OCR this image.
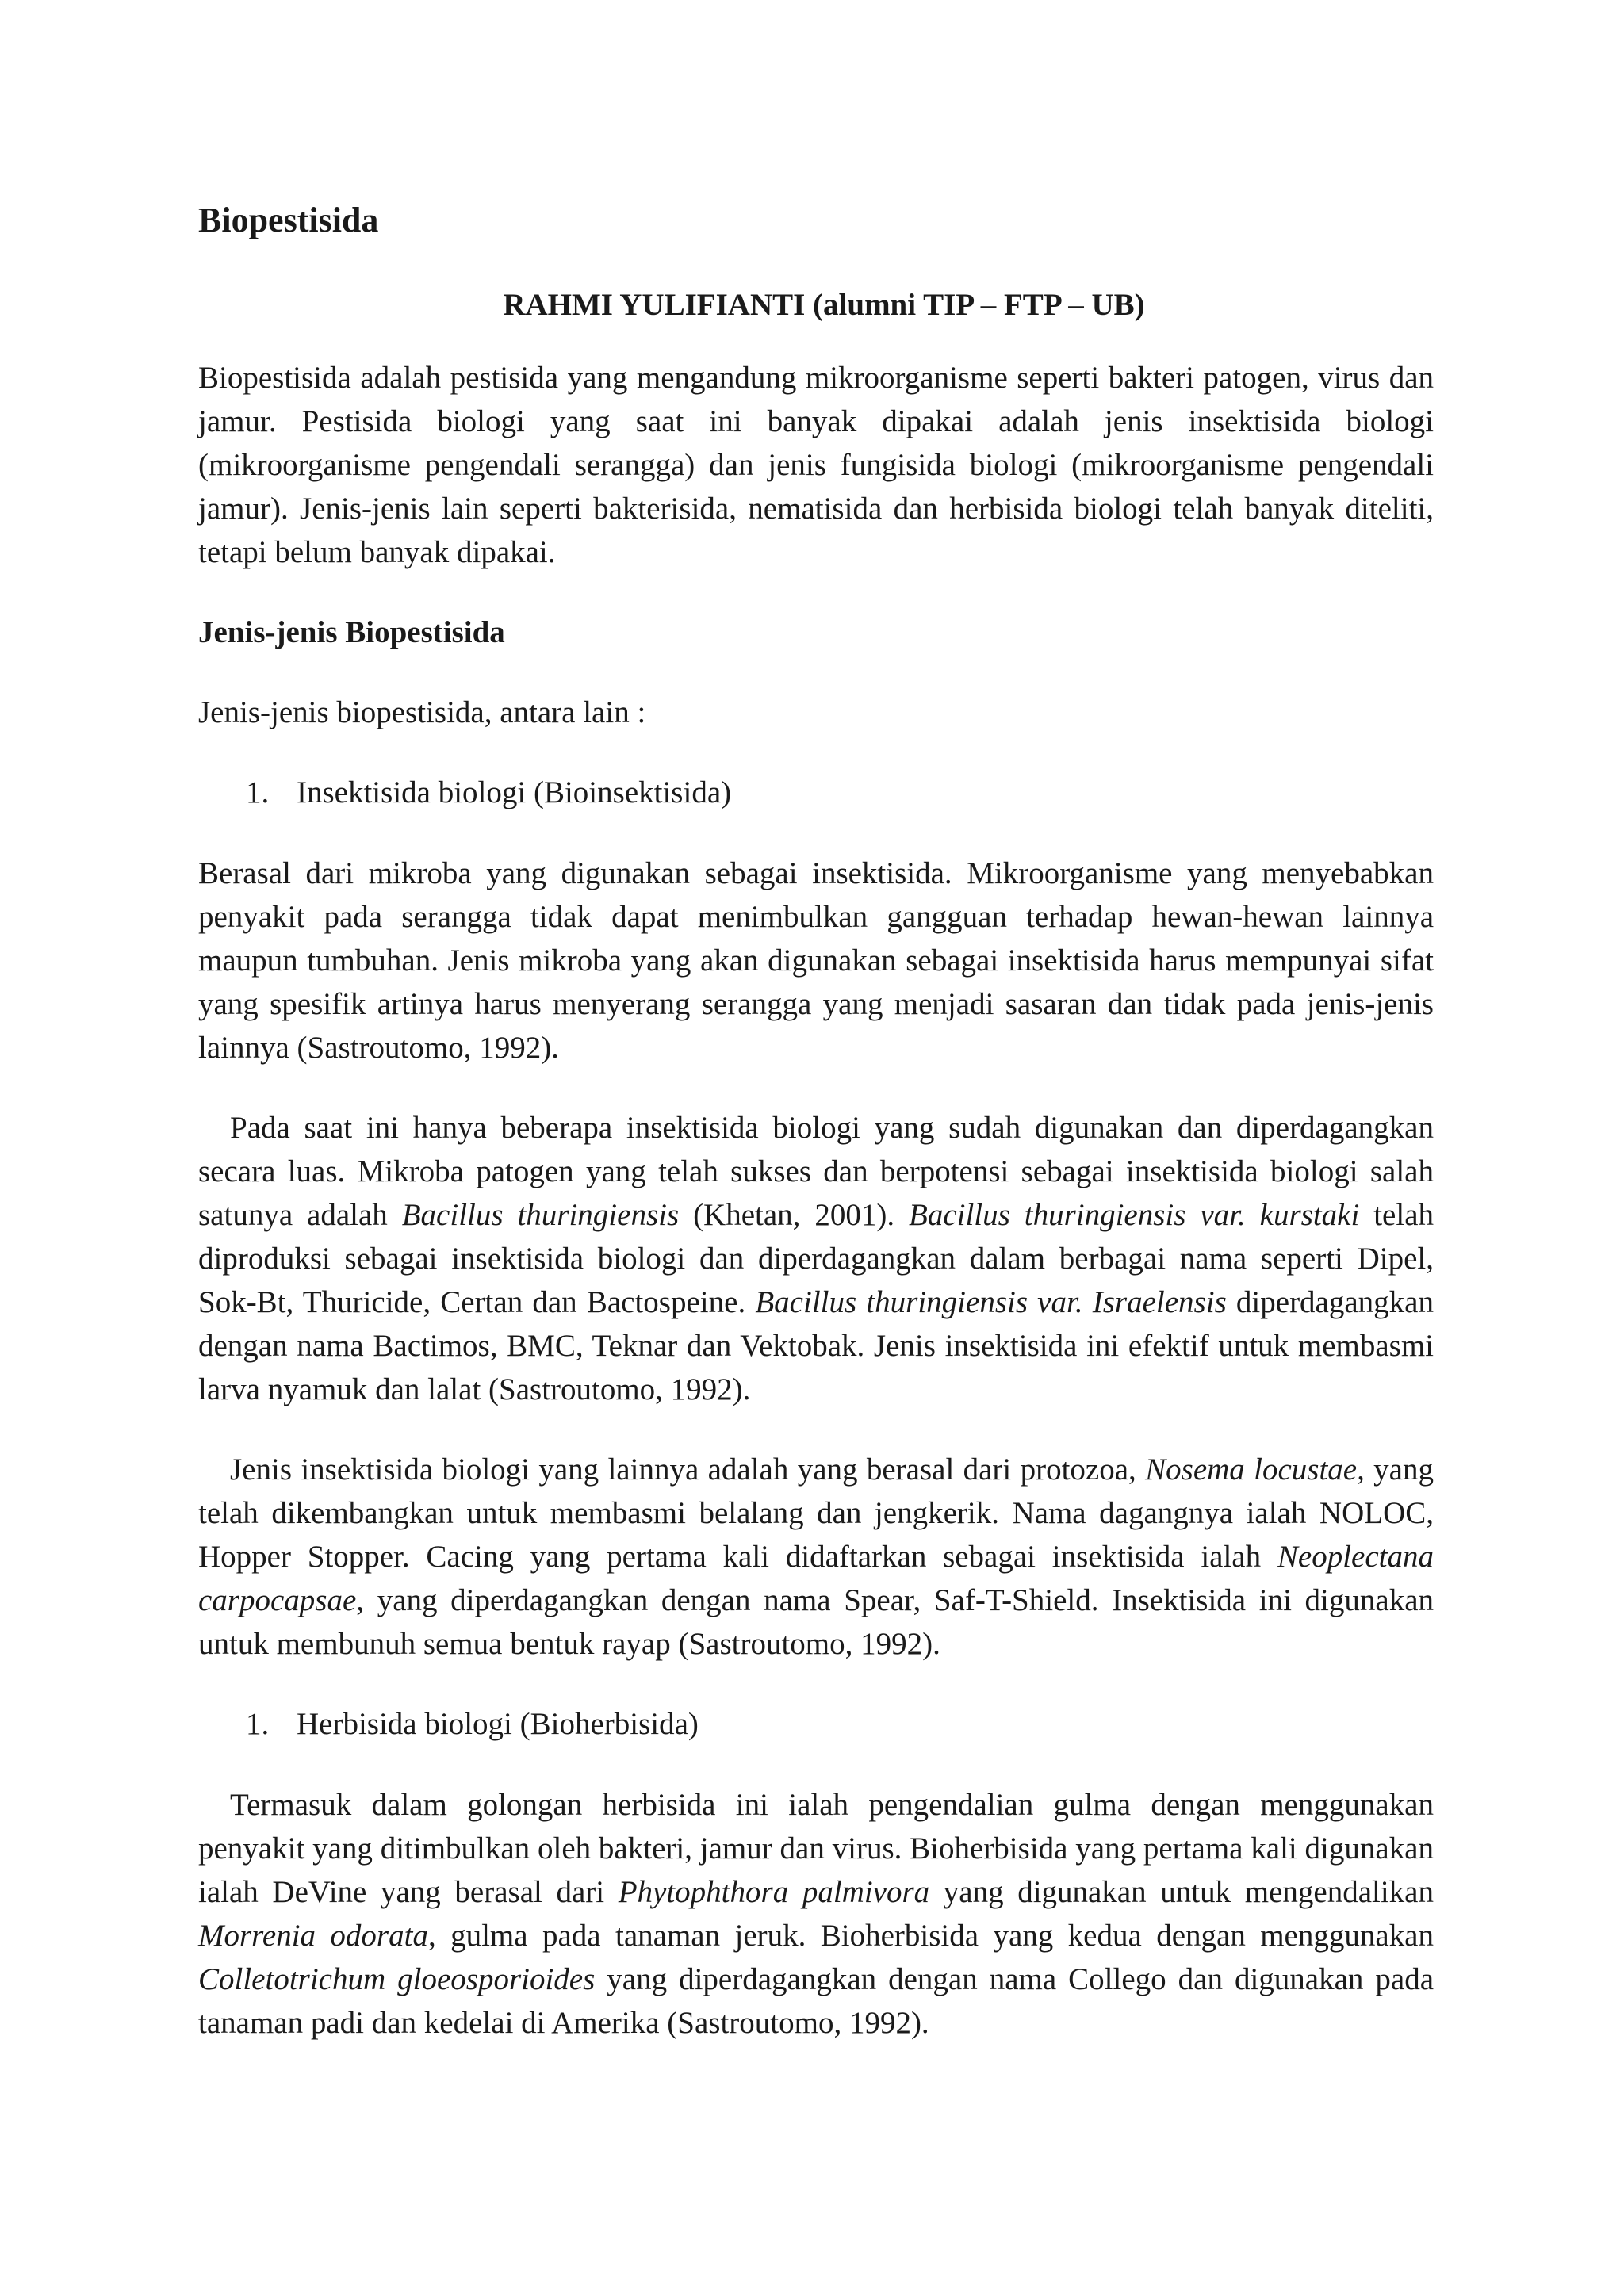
Biopestisida
RAHMI YULIFIANTI (alumni TIP – FTP – UB)

Biopestisida adalah pestisida yang mengandung mikroorganisme seperti bakteri patogen, virus dan jamur. Pestisida biologi yang saat ini banyak dipakai adalah jenis insektisida biologi (mikroorganisme pengendali serangga) dan jenis fungisida biologi (mikroorganisme pengendali jamur). Jenis-jenis lain seperti bakterisida, nematisida dan herbisida biologi telah banyak diteliti, tetapi belum banyak dipakai.

Jenis-jenis Biopestisida

Jenis-jenis biopestisida, antara lain :

1. Insektisida biologi (Bioinsektisida)

Berasal dari mikroba yang digunakan sebagai insektisida. Mikroorganisme yang menyebabkan penyakit pada serangga tidak dapat menimbulkan gangguan terhadap hewan-hewan lainnya maupun tumbuhan. Jenis mikroba yang akan digunakan sebagai insektisida harus mempunyai sifat yang spesifik artinya harus menyerang serangga yang menjadi sasaran dan tidak pada jenis-jenis lainnya (Sastroutomo, 1992).

Pada saat ini hanya beberapa insektisida biologi yang sudah digunakan dan diperdagangkan secara luas. Mikroba patogen yang telah sukses dan berpotensi sebagai insektisida biologi salah satunya adalah Bacillus thuringiensis (Khetan, 2001). Bacillus thuringiensis var. kurstaki telah diproduksi sebagai insektisida biologi dan diperdagangkan dalam berbagai nama seperti Dipel, Sok-Bt, Thuricide, Certan dan Bactospeine. Bacillus thuringiensis var. Israelensis diperdagangkan dengan nama Bactimos, BMC, Teknar dan Vektobak. Jenis insektisida ini efektif untuk membasmi larva nyamuk dan lalat (Sastroutomo, 1992).

Jenis insektisida biologi yang lainnya adalah yang berasal dari protozoa, Nosema locustae, yang telah dikembangkan untuk membasmi belalang dan jengkerik. Nama dagangnya ialah NOLOC, Hopper Stopper. Cacing yang pertama kali didaftarkan sebagai insektisida ialah Neoplectana carpocapsae, yang diperdagangkan dengan nama Spear, Saf-T-Shield. Insektisida ini digunakan untuk membunuh semua bentuk rayap (Sastroutomo, 1992).

1. Herbisida biologi (Bioherbisida)

Termasuk dalam golongan herbisida ini ialah pengendalian gulma dengan menggunakan penyakit yang ditimbulkan oleh bakteri, jamur dan virus. Bioherbisida yang pertama kali digunakan ialah DeVine yang berasal dari Phytophthora palmivora yang digunakan untuk mengendalikan Morrenia odorata, gulma pada tanaman jeruk. Bioherbisida yang kedua dengan menggunakan Colletotrichum gloeosporioides yang diperdagangkan dengan nama Collego dan digunakan pada tanaman padi dan kedelai di Amerika (Sastroutomo, 1992).
